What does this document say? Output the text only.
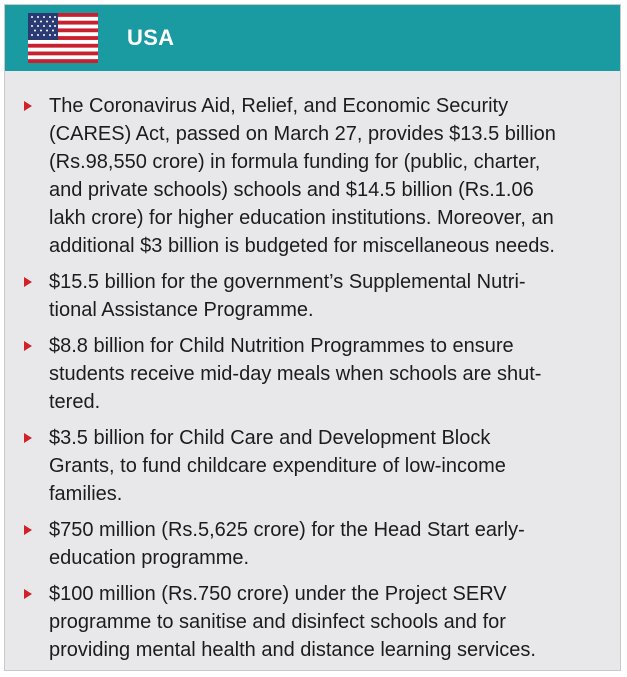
USA

The Coronavirus Aid, Relief, and Economic Security
(CARES) Act, passed on March 27, provides $13.5 billion
(Rs.98,550 crore) in formula funding for (public, charter,
and private schools) schools and $14.5 billion (Rs.1.06
lakh crore) for higher education institutions. Moreover, an
additional $3 billion is budgeted for miscellaneous needs.

$15.5 billion for the government’s Supplemental Nutri-
tional Assistance Programme.

$8.8 billion for Child Nutrition Programmes to ensure
students receive mid-day meals when schools are shut-
tered.

$3.5 billion for Child Care and Development Block
Grants, to fund childcare expenditure of low-income
families.

$750 million (Rs.5,625 crore) for the Head Start early-
education programme.

$100 million (Rs.750 crore) under the Project SERV
programme to sanitise and disinfect schools and for
providing mental health and distance learning services.
